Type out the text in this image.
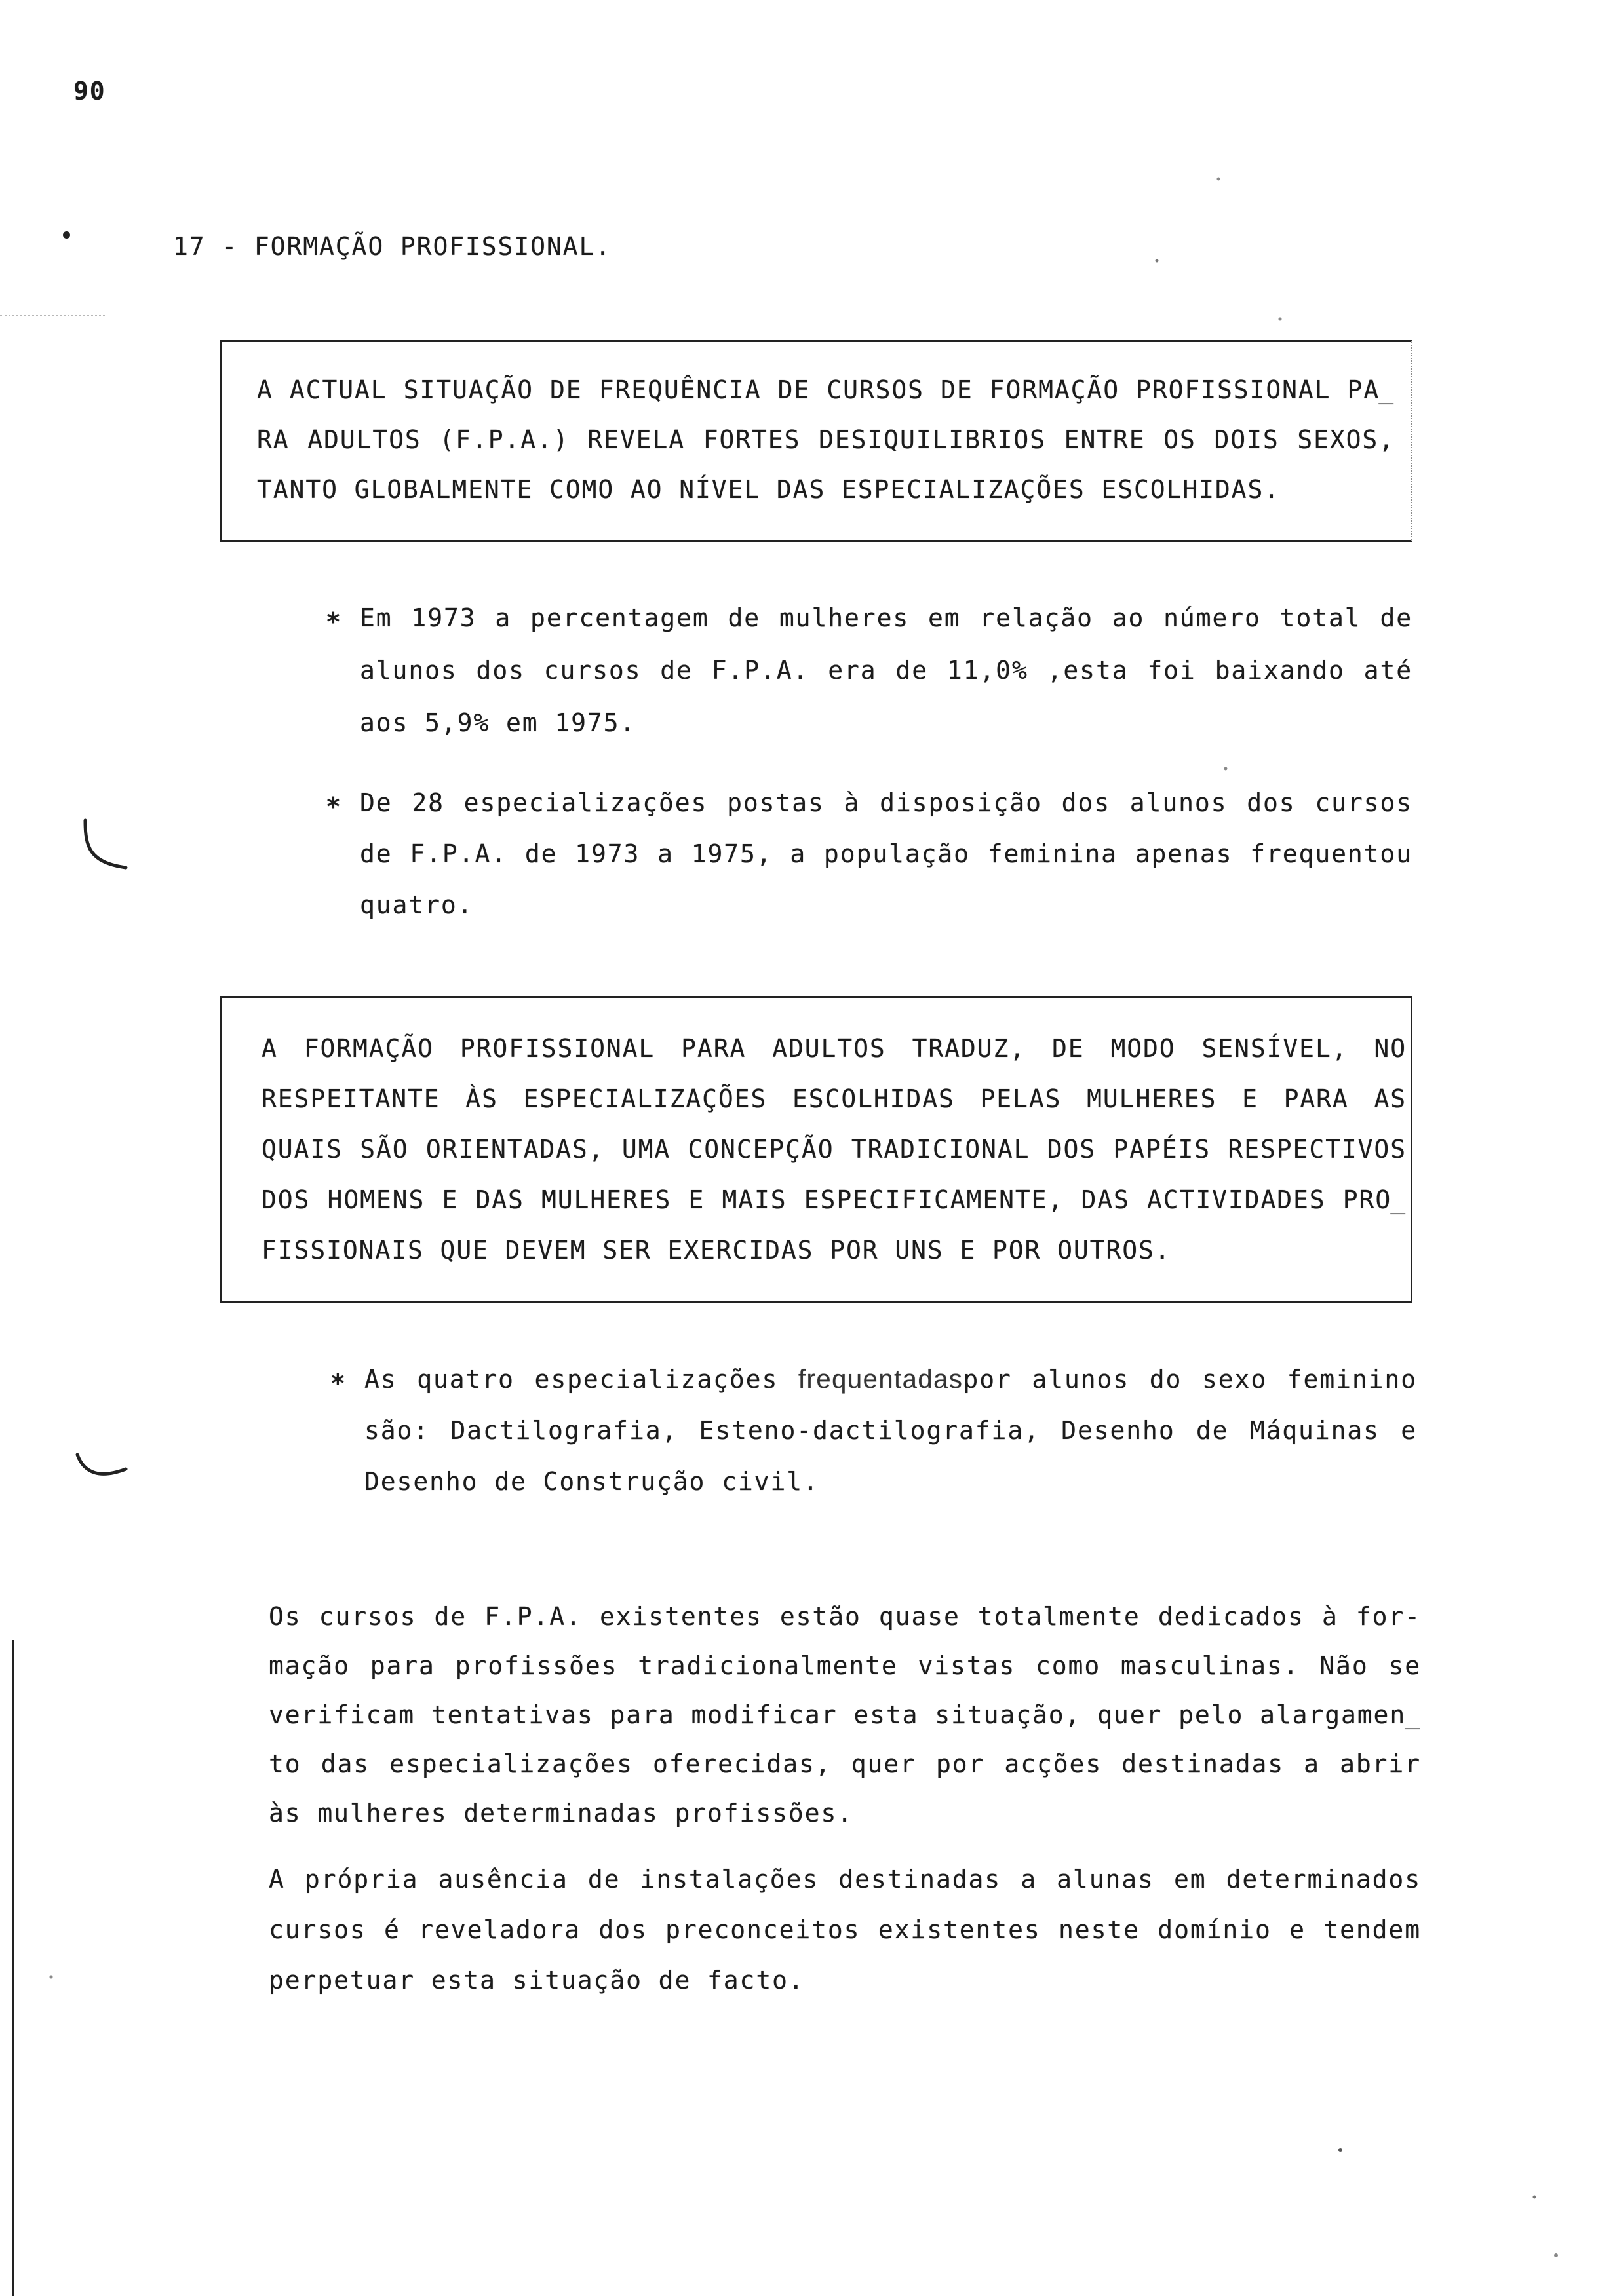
90
17 - FORMAÇÃO PROFISSIONAL.
A ACTUAL SITUAÇÃO DE FREQUÊNCIA DE CURSOS DE FORMAÇÃO PROFISSIONAL PA̲
RA ADULTOS (F.P.A.) REVELA FORTES DESIQUILIBRIOS ENTRE OS DOIS SEXOS,
TANTO GLOBALMENTE COMO AO NÍVEL DAS ESPECIALIZAÇÕES ESCOLHIDAS.
* Em 1973 a percentagem de mulheres em relação ao número total de
alunos dos cursos de F.P.A. era de 11,0% ,esta foi baixando até
aos 5,9% em 1975.
* De 28 especializações postas à disposição dos alunos dos cursos
de F.P.A. de 1973 a 1975, a população feminina apenas frequentou
quatro.
A FORMAÇÃO PROFISSIONAL PARA ADULTOS TRADUZ, DE MODO SENSÍVEL, NO
RESPEITANTE ÀS ESPECIALIZAÇÕES ESCOLHIDAS PELAS MULHERES E PARA AS
QUAIS SÃO ORIENTADAS, UMA CONCEPÇÃO TRADICIONAL DOS PAPÉIS RESPECTIVOS
DOS HOMENS E DAS MULHERES E MAIS ESPECIFICAMENTE, DAS ACTIVIDADES PRO̲
FISSIONAIS QUE DEVEM SER EXERCIDAS POR UNS E POR OUTROS.
* As quatro especializações frequentadaspor alunos do sexo feminino
são: Dactilografia, Esteno-dactilografia, Desenho de Máquinas e
Desenho de Construção civil.
Os cursos de F.P.A. existentes estão quase totalmente dedicados à for-
mação para profissões tradicionalmente vistas como masculinas. Não se
verificam tentativas para modificar esta situação, quer pelo alargamen̲
to das especializações oferecidas, quer por acções destinadas a abrir
às mulheres determinadas profissões.
A própria ausência de instalações destinadas a alunas em determinados
cursos é reveladora dos preconceitos existentes neste domínio e tendem
perpetuar esta situação de facto.
